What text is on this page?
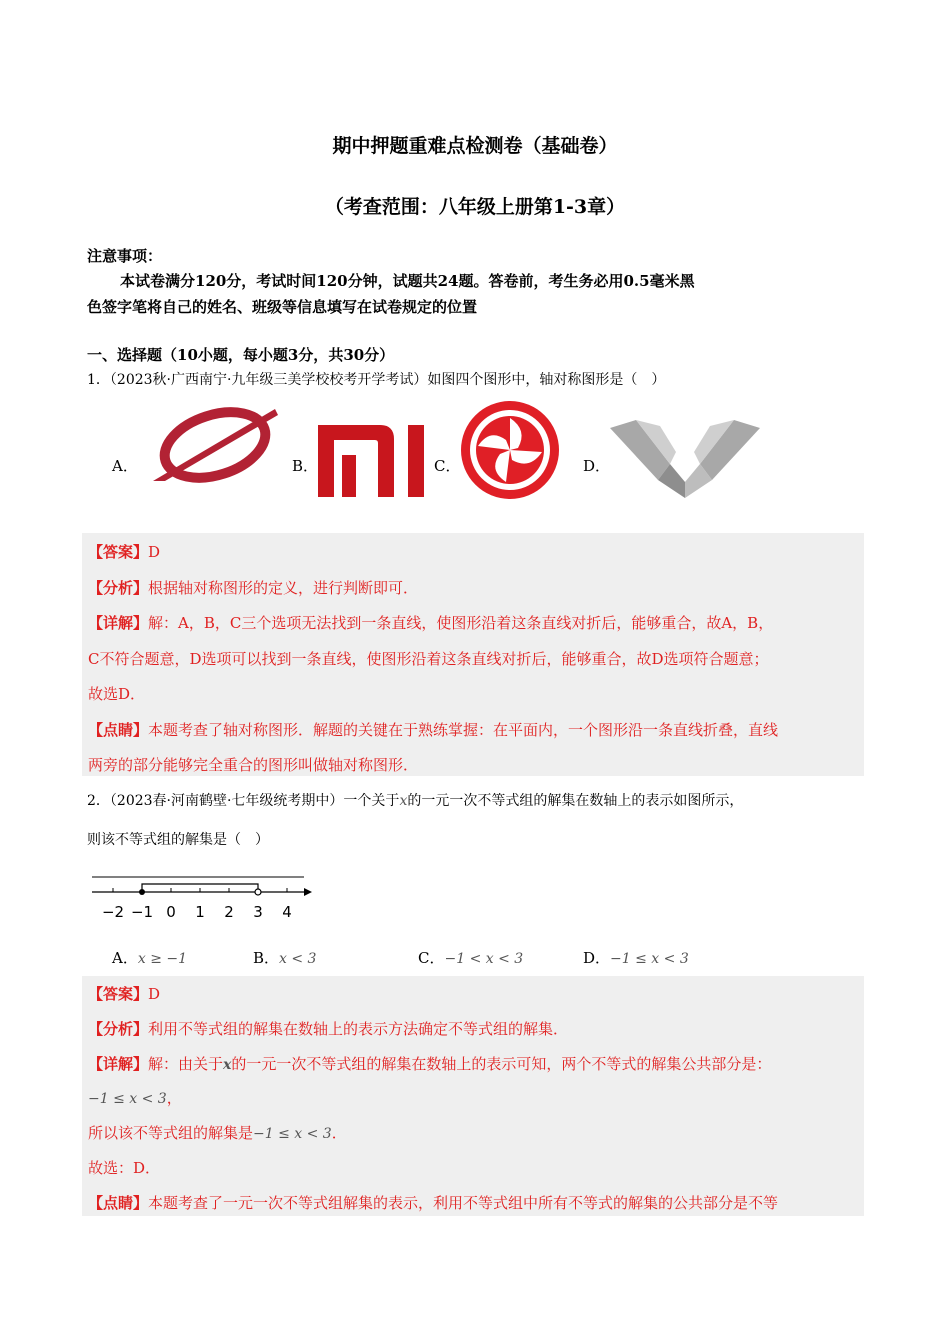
期中押题重难点检测卷（基础卷）
（考查范围：八年级上册第1-3章）
注意事项：
本试卷满分120分，考试时间120分钟，试题共24题。答卷前，考生务必用0.5毫米黑
色签字笔将自己的姓名、班级等信息填写在试卷规定的位置
一、选择题（10小题，每小题3分，共30分）
1．（2023秋·广西南宁·九年级三美学校校考开学考试）如图四个图形中，轴对称图形是（　）
A．	B．	C．	D．
【答案】D
【分析】根据轴对称图形的定义，进行判断即可．
【详解】解：A，B，C三个选项无法找到一条直线，使图形沿着这条直线对折后，能够重合，故A，B，
C不符合题意，D选项可以找到一条直线，使图形沿着这条直线对折后，能够重合，故D选项符合题意；
故选D．
【点睛】本题考查了轴对称图形．解题的关键在于熟练掌握：在平面内，一个图形沿一条直线折叠，直线
两旁的部分能够完全重合的图形叫做轴对称图形．
2．（2023春·河南鹤壁·七年级统考期中）一个关于x的一元一次不等式组的解集在数轴上的表示如图所示，
则该不等式组的解集是（　）
−2 −1 0 1 2 3 4
A．x ≥ −1	B．x < 3	C．−1 < x < 3	D．−1 ≤ x < 3
【答案】D
【分析】利用不等式组的解集在数轴上的表示方法确定不等式组的解集．
【详解】解：由关于x的一元一次不等式组的解集在数轴上的表示可知，两个不等式的解集公共部分是：
−1 ≤ x < 3，
所以该不等式组的解集是−1 ≤ x < 3．
故选：D．
【点睛】本题考查了一元一次不等式组解集的表示，利用不等式组中所有不等式的解集的公共部分是不等
